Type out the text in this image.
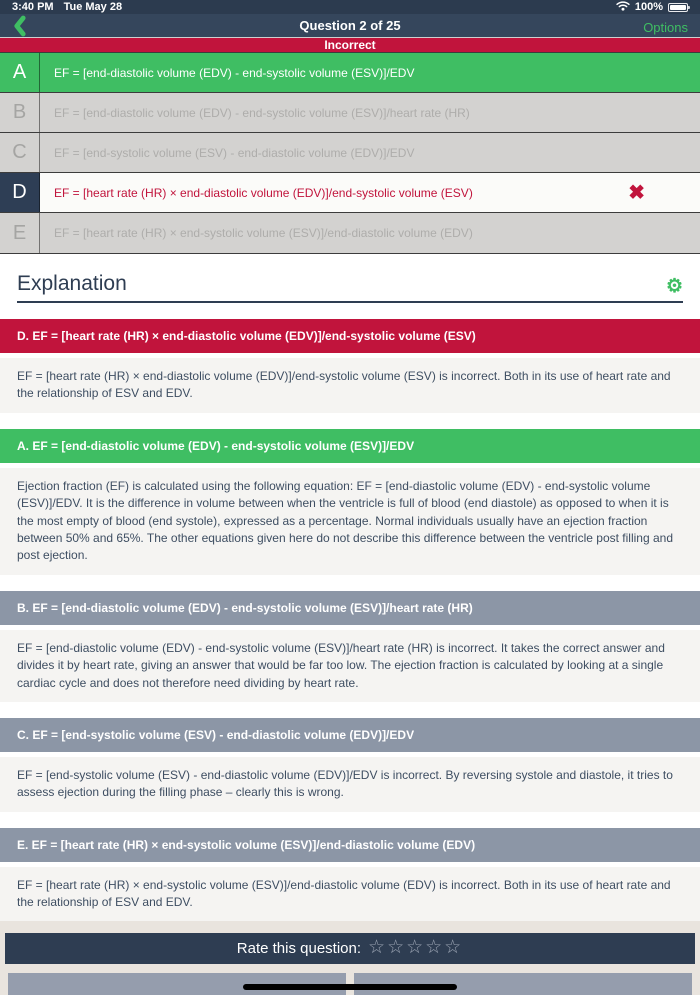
3:40 PM Tue May 28	100%
Question 2 of 25	Options
Incorrect
A	EF = [end-diastolic volume (EDV) - end-systolic volume (ESV)]/EDV
B	EF = [end-diastolic volume (EDV) - end-systolic volume (ESV)]/heart rate (HR)
C	EF = [end-systolic volume (ESV) - end-diastolic volume (EDV)]/EDV
D	EF = [heart rate (HR) × end-diastolic volume (EDV)]/end-systolic volume (ESV)	✖
E	EF = [heart rate (HR) × end-systolic volume (ESV)]/end-diastolic volume (EDV)
Explanation	⚙
D. EF = [heart rate (HR) × end-diastolic volume (EDV)]/end-systolic volume (ESV)
EF = [heart rate (HR) × end-diastolic volume (EDV)]/end-systolic volume (ESV) is incorrect. Both in its use of heart rate and the relationship of ESV and EDV.
A. EF = [end-diastolic volume (EDV) - end-systolic volume (ESV)]/EDV
Ejection fraction (EF) is calculated using the following equation: EF = [end-diastolic volume (EDV) - end-systolic volume (ESV)]/EDV. It is the difference in volume between when the ventricle is full of blood (end diastole) as opposed to when it is the most empty of blood (end systole), expressed as a percentage. Normal individuals usually have an ejection fraction between 50% and 65%. The other equations given here do not describe this difference between the ventricle post filling and post ejection.
B. EF = [end-diastolic volume (EDV) - end-systolic volume (ESV)]/heart rate (HR)
EF = [end-diastolic volume (EDV) - end-systolic volume (ESV)]/heart rate (HR) is incorrect. It takes the correct answer and divides it by heart rate, giving an answer that would be far too low. The ejection fraction is calculated by looking at a single cardiac cycle and does not therefore need dividing by heart rate.
C. EF = [end-systolic volume (ESV) - end-diastolic volume (EDV)]/EDV
EF = [end-systolic volume (ESV) - end-diastolic volume (EDV)]/EDV is incorrect. By reversing systole and diastole, it tries to assess ejection during the filling phase – clearly this is wrong.
E. EF = [heart rate (HR) × end-systolic volume (ESV)]/end-diastolic volume (EDV)
EF = [heart rate (HR) × end-systolic volume (ESV)]/end-diastolic volume (EDV) is incorrect. Both in its use of heart rate and the relationship of ESV and EDV.
Rate this question: ☆☆☆☆☆
